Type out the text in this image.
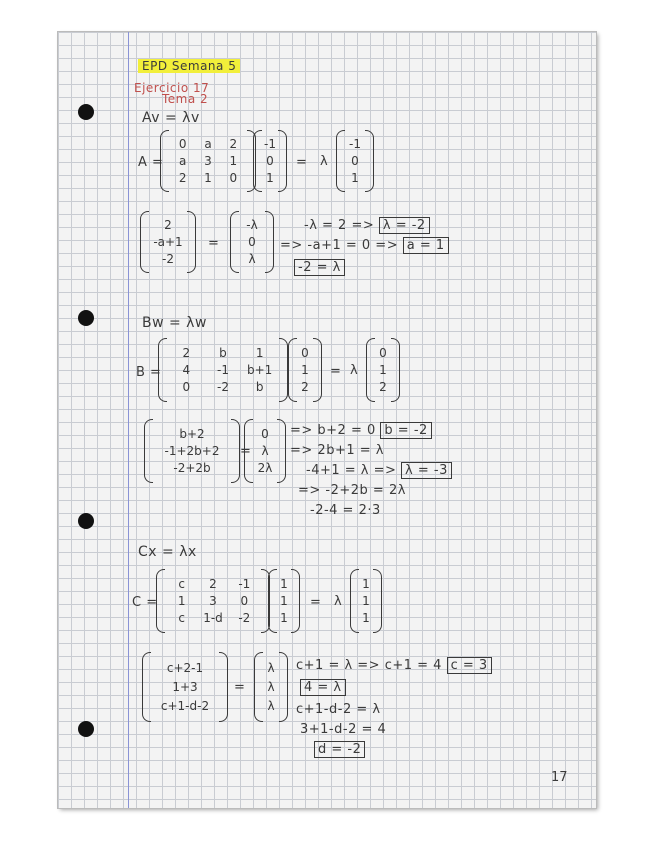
EPD Semana 5
Ejercicio 17
Tema 2
Av = λv
A =
0 a 2
a 3 1
2 1 0
-1
0
1
= λ
-1
0
1
2
-a+1
-2
=
-λ
0
λ
-λ = 2 => λ = -2
=> -a+1 = 0 => a = 1
-2 = λ
Bw = λw
B =
2 b 1
4 -1 b+1
0 -2 b
0
1
2
= λ
0
1
2
b+2
-1+2b+2
-2+2b
=
0
λ
2λ
=> b+2 = 0 b = -2
=> 2b+1 = λ
-4+1 = λ => λ = -3
=> -2+2b = 2λ
-2-4 = 2·3
Cx = λx
C =
c 2 -1
1 3 0
c 1-d -2
1
1
1
= λ
1
1
1
c+2-1
1+3
c+1-d-2
=
λ
λ
λ
c+1 = λ => c+1 = 4 c = 3
4 = λ
c+1-d-2 = λ
3+1-d-2 = 4
d = -2
17
